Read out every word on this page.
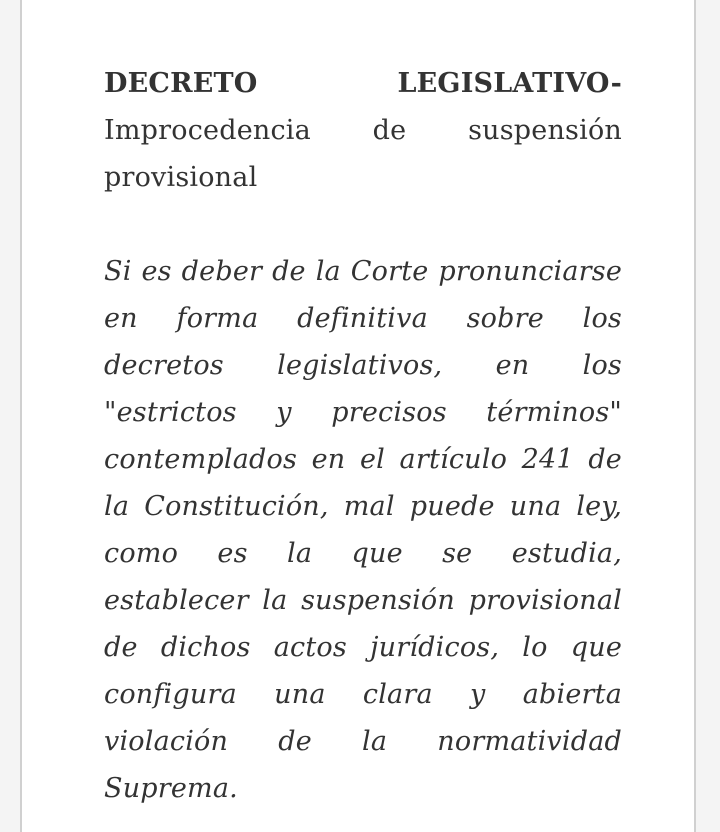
DECRETO LEGISLATIVO- Improcedencia de suspensión provisional

Si es deber de la Corte pronunciarse en forma definitiva sobre los decretos legislativos, en los "estrictos y precisos términos" contemplados en el artículo 241 de la Constitución, mal puede una ley, como es la que se estudia, establecer la suspensión provisional de dichos actos jurídicos, lo que configura una clara y abierta violación de la normatividad Suprema.
